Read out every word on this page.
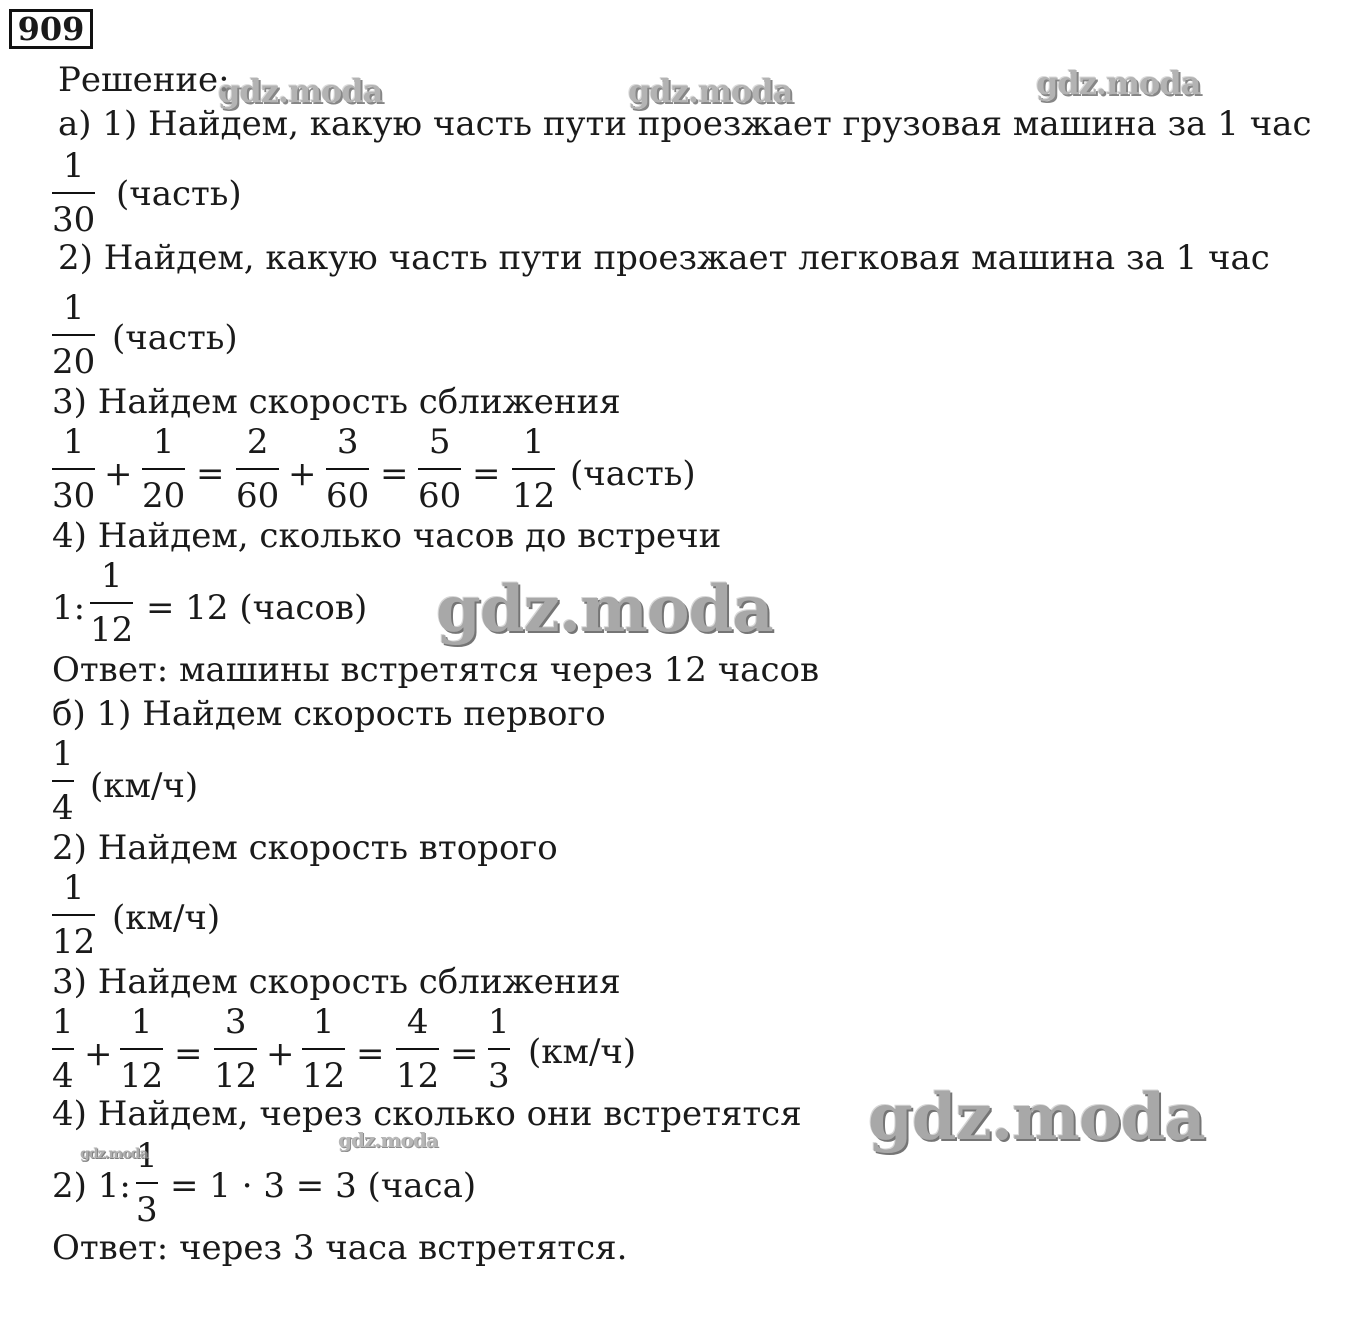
909
Решение:
а) 1) Найдем, какую часть пути проезжает грузовая машина за 1 час
1
30
(часть)
2) Найдем, какую часть пути проезжает легковая машина за 1 час
1
20
(часть)
3) Найдем скорость сближения
1
30
+
1
20
=
2
60
+
3
60
=
5
60
=
1
12
(часть)
4) Найдем, сколько часов до встречи
1:
1
12
= 12 (часов)
Ответ: машины встретятся через 12 часов
б) 1) Найдем скорость первого
1
4
(км/ч)
2) Найдем скорость второго
1
12
(км/ч)
3) Найдем скорость сближения
1
4
+
1
12
=
3
12
+
1
12
=
4
12
=
1
3
(км/ч)
4) Найдем, через сколько они встретятся
2) 1:
1
3
= 1 · 3 = 3 (часа)
Ответ: через 3 часа встретятся.
gdz.moda	gdz.moda	gdz.moda
gdz.moda
gdz.moda
gdz.moda
gdz.moda
